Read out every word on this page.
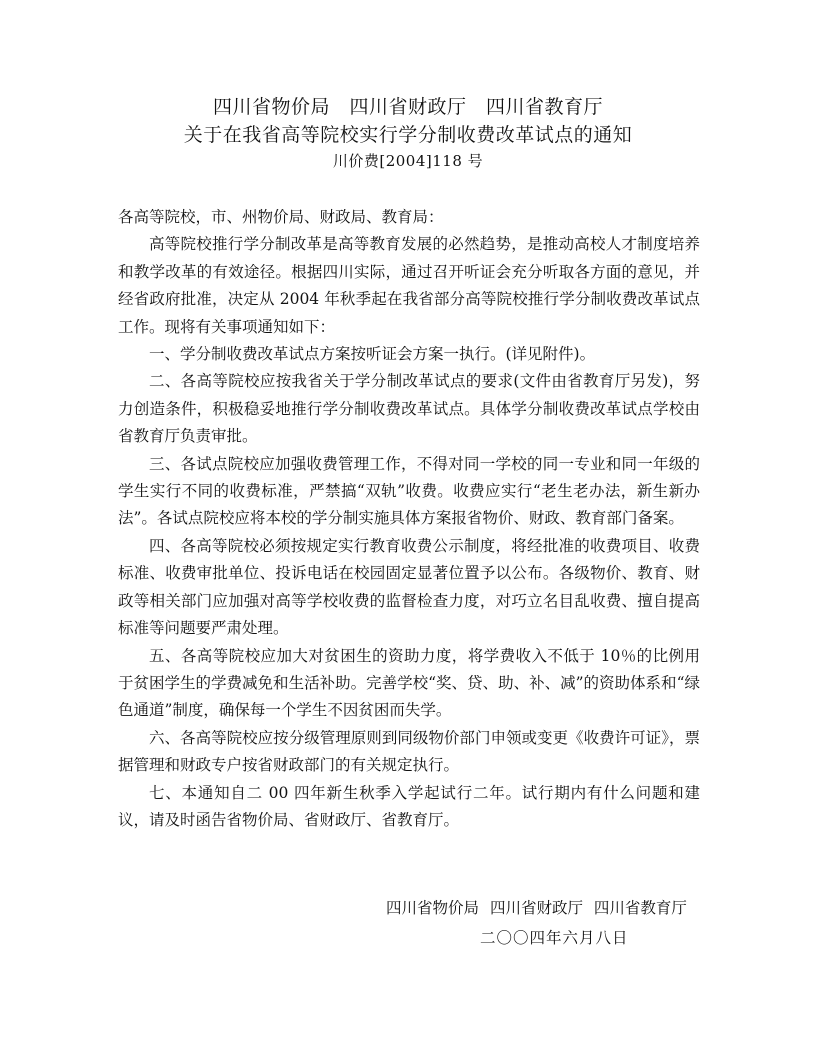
四川省物价局　四川省财政厅　四川省教育厅
关于在我省高等院校实行学分制收费改革试点的通知
川价费[2004]118 号

各高等院校，市、州物价局、财政局、教育局：

高等院校推行学分制改革是高等教育发展的必然趋势，是推动高校人才制度培养和教学改革的有效途径。根据四川实际，通过召开听证会充分听取各方面的意见，并经省政府批准，决定从 2004 年秋季起在我省部分高等院校推行学分制收费改革试点工作。现将有关事项通知如下：

一、学分制收费改革试点方案按听证会方案一执行。(详见附件)。

二、各高等院校应按我省关于学分制改革试点的要求(文件由省教育厅另发)，努力创造条件，积极稳妥地推行学分制收费改革试点。具体学分制收费改革试点学校由省教育厅负责审批。

三、各试点院校应加强收费管理工作，不得对同一学校的同一专业和同一年级的学生实行不同的收费标准，严禁搞“双轨”收费。收费应实行“老生老办法，新生新办法”。各试点院校应将本校的学分制实施具体方案报省物价、财政、教育部门备案。

四、各高等院校必须按规定实行教育收费公示制度，将经批准的收费项目、收费标准、收费审批单位、投诉电话在校园固定显著位置予以公布。各级物价、教育、财政等相关部门应加强对高等学校收费的监督检查力度，对巧立名目乱收费、擅自提高标准等问题要严肃处理。

五、各高等院校应加大对贫困生的资助力度，将学费收入不低于 10％的比例用于贫困学生的学费减免和生活补助。完善学校“奖、贷、助、补、减”的资助体系和“绿色通道”制度，确保每一个学生不因贫困而失学。

六、各高等院校应按分级管理原则到同级物价部门申领或变更《收费许可证》，票据管理和财政专户按省财政部门的有关规定执行。

七、本通知自二 00 四年新生秋季入学起试行二年。试行期内有什么问题和建议，请及时函告省物价局、省财政厅、省教育厅。

四川省物价局 四川省财政厅 四川省教育厅
二〇〇四年六月八日
